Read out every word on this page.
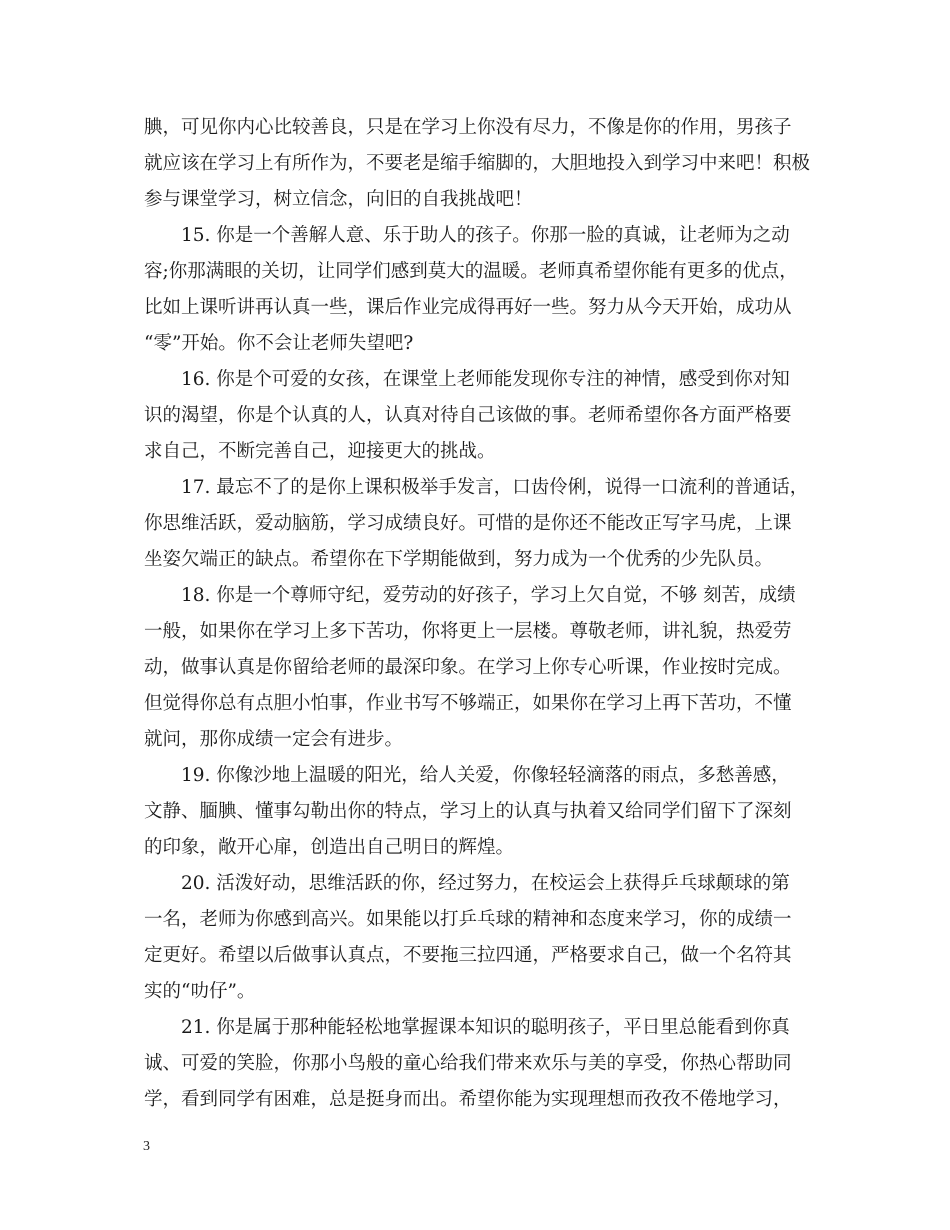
腆，可见你内心比较善良，只是在学习上你没有尽力，不像是你的作用，男孩子
就应该在学习上有所作为，不要老是缩手缩脚的，大胆地投入到学习中来吧！积极
参与课堂学习，树立信念，向旧的自我挑战吧！
15. 你是一个善解人意、乐于助人的孩子。你那一脸的真诚，让老师为之动
容;你那满眼的关切，让同学们感到莫大的温暖。老师真希望你能有更多的优点，
比如上课听讲再认真一些，课后作业完成得再好一些。努力从今天开始，成功从
“零”开始。你不会让老师失望吧?
16. 你是个可爱的女孩，在课堂上老师能发现你专注的神情，感受到你对知
识的渴望，你是个认真的人，认真对待自己该做的事。老师希望你各方面严格要
求自己，不断完善自己，迎接更大的挑战。
17. 最忘不了的是你上课积极举手发言，口齿伶俐，说得一口流利的普通话，
你思维活跃，爱动脑筋，学习成绩良好。可惜的是你还不能改正写字马虎，上课
坐姿欠端正的缺点。希望你在下学期能做到，努力成为一个优秀的少先队员。
18. 你是一个尊师守纪，爱劳动的好孩子，学习上欠自觉，不够 刻苦，成绩
一般，如果你在学习上多下苦功，你将更上一层楼。尊敬老师，讲礼貌，热爱劳
动，做事认真是你留给老师的最深印象。在学习上你专心听课，作业按时完成。
但觉得你总有点胆小怕事，作业书写不够端正，如果你在学习上再下苦功，不懂
就问，那你成绩一定会有进步。
19. 你像沙地上温暖的阳光，给人关爱，你像轻轻滴落的雨点，多愁善感，
文静、腼腆、懂事勾勒出你的特点，学习上的认真与执着又给同学们留下了深刻
的印象，敞开心扉，创造出自己明日的辉煌。
20. 活泼好动，思维活跃的你，经过努力，在校运会上获得乒乓球颠球的第
一名，老师为你感到高兴。如果能以打乒乓球的精神和态度来学习，你的成绩一
定更好。希望以后做事认真点，不要拖三拉四通，严格要求自己，做一个名符其
实的“叻仔”。
21. 你是属于那种能轻松地掌握课本知识的聪明孩子，平日里总能看到你真
诚、可爱的笑脸，你那小鸟般的童心给我们带来欢乐与美的享受，你热心帮助同
学，看到同学有困难，总是挺身而出。希望你能为实现理想而孜孜不倦地学习，
3
